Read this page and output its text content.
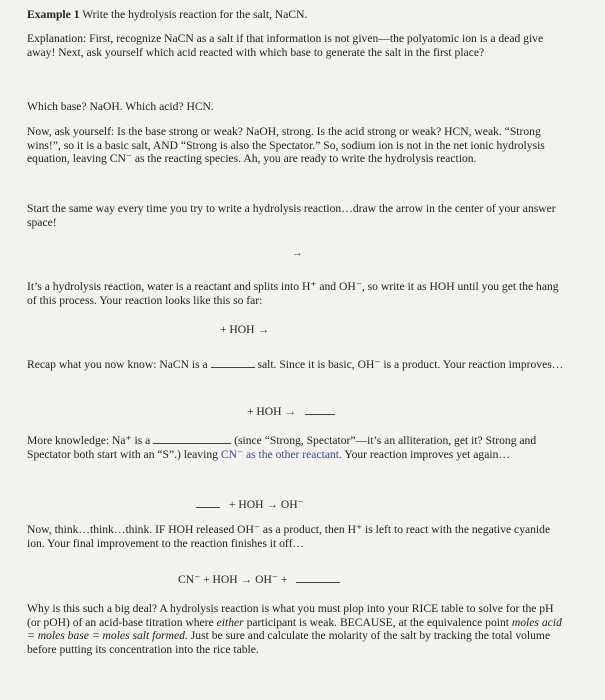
Example 1 Write the hydrolysis reaction for the salt, NaCN.
Explanation: First, recognize NaCN as a salt if that information is not given—the polyatomic ion is a dead give away! Next, ask yourself which acid reacted with which base to generate the salt in the first place?
Which base? NaOH. Which acid? HCN.
Now, ask yourself: Is the base strong or weak? NaOH, strong. Is the acid strong or weak? HCN, weak. “Strong wins!”, so it is a basic salt, AND “Strong is also the Spectator.” So, sodium ion is not in the net ionic hydrolysis equation, leaving CN⁻ as the reacting species. Ah, you are ready to write the hydrolysis reaction.
Start the same way every time you try to write a hydrolysis reaction…draw the arrow in the center of your answer space!
→
It’s a hydrolysis reaction, water is a reactant and splits into H⁺ and OH⁻, so write it as HOH until you get the hang of this process. Your reaction looks like this so far:
+ HOH →
Recap what you now know: NaCN is a	salt. Since it is basic, OH⁻ is a product. Your reaction improves…
+ HOH →
More knowledge: Na⁺ is a	(since “Strong, Spectator”—it’s an alliteration, get it? Strong and Spectator both start with an “S”.) leaving CN⁻ as the other reactant. Your reaction improves yet again…
+ HOH → OH⁻
Now, think…think…think. IF HOH released OH⁻ as a product, then H⁺ is left to react with the negative cyanide ion. Your final improvement to the reaction finishes it off…
CN⁻ + HOH → OH⁻ +
Why is this such a big deal? A hydrolysis reaction is what you must plop into your RICE table to solve for the pH (or pOH) of an acid-base titration where either participant is weak. BECAUSE, at the equivalence point moles acid = moles base = moles salt formed. Just be sure and calculate the molarity of the salt by tracking the total volume before putting its concentration into the rice table.
